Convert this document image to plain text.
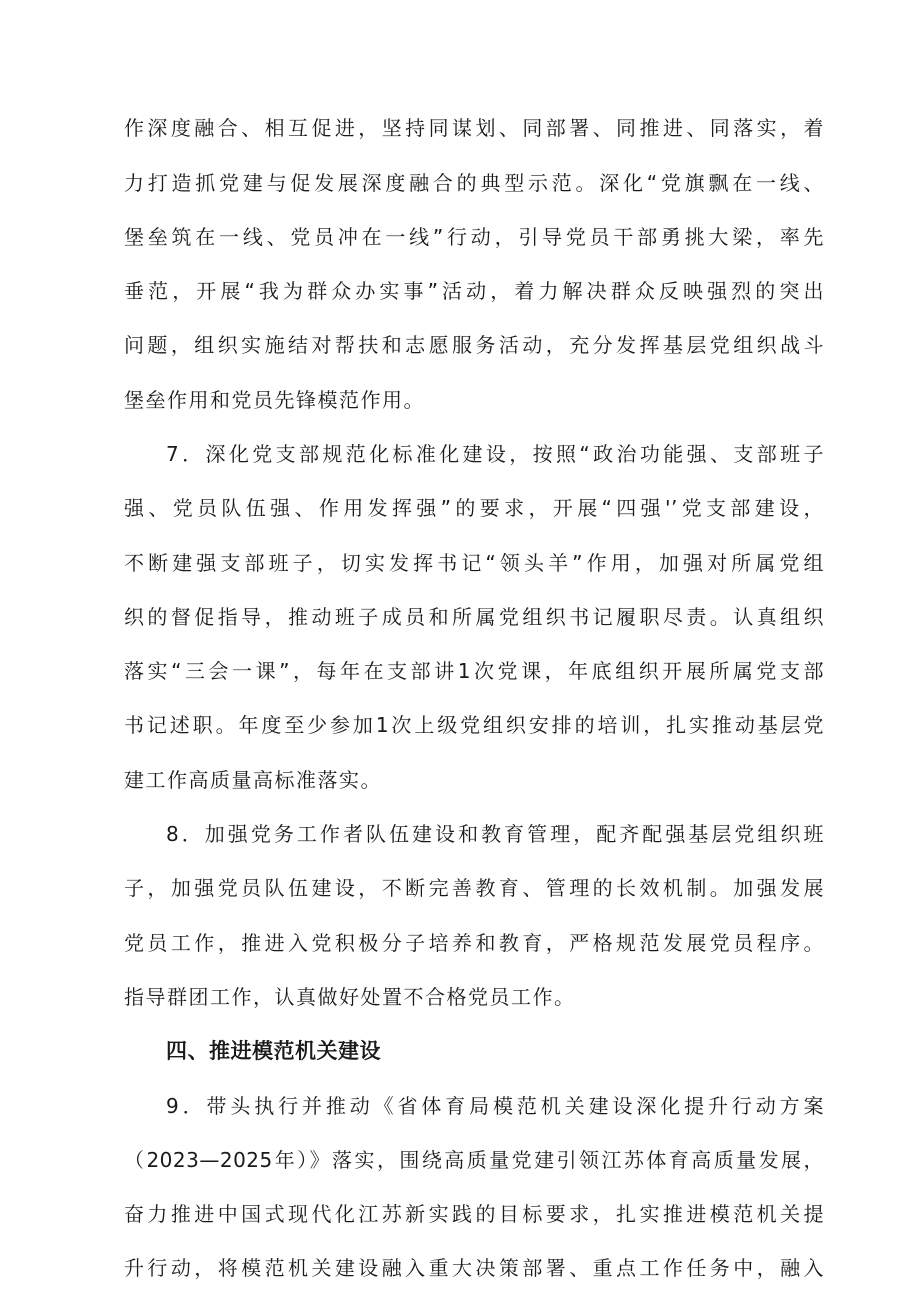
作深度融合、相互促进，坚持同谋划、同部署、同推进、同落实，着
力打造抓党建与促发展深度融合的典型示范。深化“党旗飘在一线、
堡垒筑在一线、党员冲在一线”行动，引导党员干部勇挑大梁，率先
垂范，开展“我为群众办实事”活动，着力解决群众反映强烈的突出
问题，组织实施结对帮扶和志愿服务活动，充分发挥基层党组织战斗
堡垒作用和党员先锋模范作用。
7．深化党支部规范化标准化建设，按照“政治功能强、支部班子
强、党员队伍强、作用发挥强”的要求，开展“四强'’党支部建设，
不断建强支部班子，切实发挥书记“领头羊”作用，加强对所属党组
织的督促指导，推动班子成员和所属党组织书记履职尽责。认真组织
落实“三会一课”，每年在支部讲1次党课，年底组织开展所属党支部
书记述职。年度至少参加1次上级党组织安排的培训，扎实推动基层党
建工作高质量高标准落实。
8．加强党务工作者队伍建设和教育管理，配齐配强基层党组织班
子，加强党员队伍建设，不断完善教育、管理的长效机制。加强发展
党员工作，推进入党积极分子培养和教育，严格规范发展党员程序。
指导群团工作，认真做好处置不合格党员工作。
四、推进模范机关建设
9．带头执行并推动《省体育局模范机关建设深化提升行动方案
（2023—2025年）》落实，围绕高质量党建引领江苏体育高质量发展，
奋力推进中国式现代化江苏新实践的目标要求，扎实推进模范机关提
升行动，将模范机关建设融入重大决策部署、重点工作任务中，融入
